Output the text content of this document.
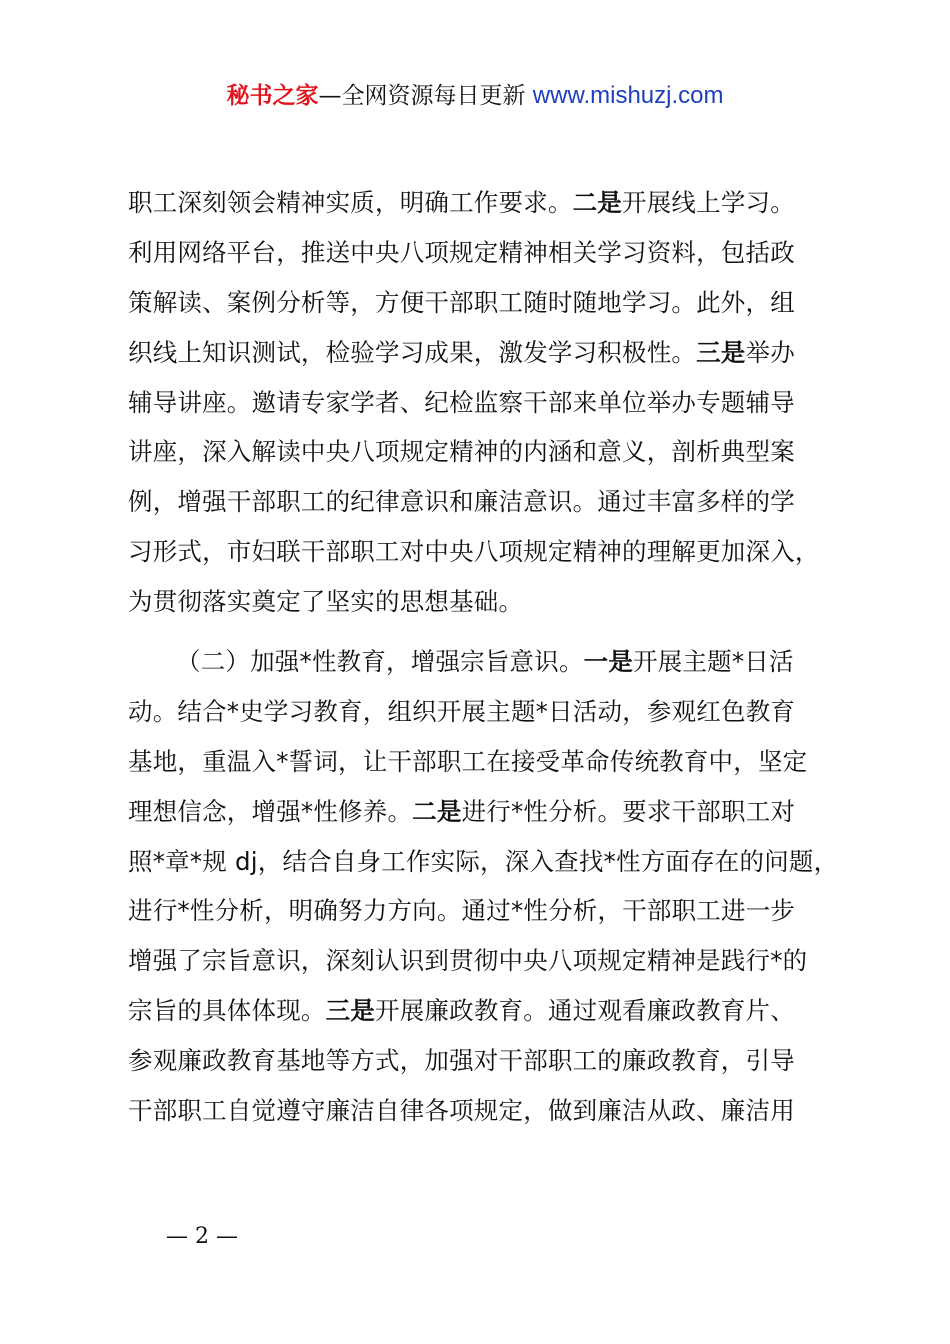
秘书之家—全网资源每日更新 www.mishuzj.com
职工深刻领会精神实质，明确工作要求。二是开展线上学习。
利用网络平台，推送中央八项规定精神相关学习资料，包括政
策解读、案例分析等，方便干部职工随时随地学习。此外，组
织线上知识测试，检验学习成果，激发学习积极性。三是举办
辅导讲座。邀请专家学者、纪检监察干部来单位举办专题辅导
讲座，深入解读中央八项规定精神的内涵和意义，剖析典型案
例，增强干部职工的纪律意识和廉洁意识。通过丰富多样的学
习形式，市妇联干部职工对中央八项规定精神的理解更加深入，
为贯彻落实奠定了坚实的思想基础。
（二）加强*性教育，增强宗旨意识。一是开展主题*日活
动。结合*史学习教育，组织开展主题*日活动，参观红色教育
基地，重温入*誓词，让干部职工在接受革命传统教育中，坚定
理想信念，增强*性修养。二是进行*性分析。要求干部职工对
照*章*规 dj，结合自身工作实际，深入查找*性方面存在的问题，
进行*性分析，明确努力方向。通过*性分析，干部职工进一步
增强了宗旨意识，深刻认识到贯彻中央八项规定精神是践行*的
宗旨的具体体现。三是开展廉政教育。通过观看廉政教育片、
参观廉政教育基地等方式，加强对干部职工的廉政教育，引导
干部职工自觉遵守廉洁自律各项规定，做到廉洁从政、廉洁用
— 2 —
